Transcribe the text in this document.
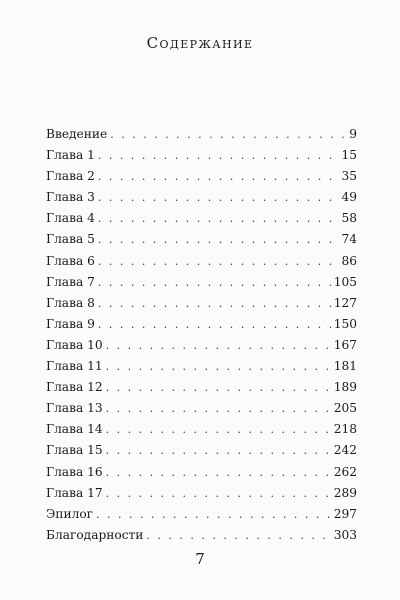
Содержание
Введение . . .	9
Глава 1 . . .	15
Глава 2 . . .	35
Глава 3 . . .	49
Глава 4 . . .	58
Глава 5 . . .	74
Глава 6 . . .	86
Глава 7 . . .	105
Глава 8 . . .	127
Глава 9 . . .	150
Глава 10 . . .	167
Глава 11 . . .	181
Глава 12 . . .	189
Глава 13 . . .	205
Глава 14 . . .	218
Глава 15 . . .	242
Глава 16 . . .	262
Глава 17 . . .	289
Эпилог . . .	297
Благодарности . . .	303
7
